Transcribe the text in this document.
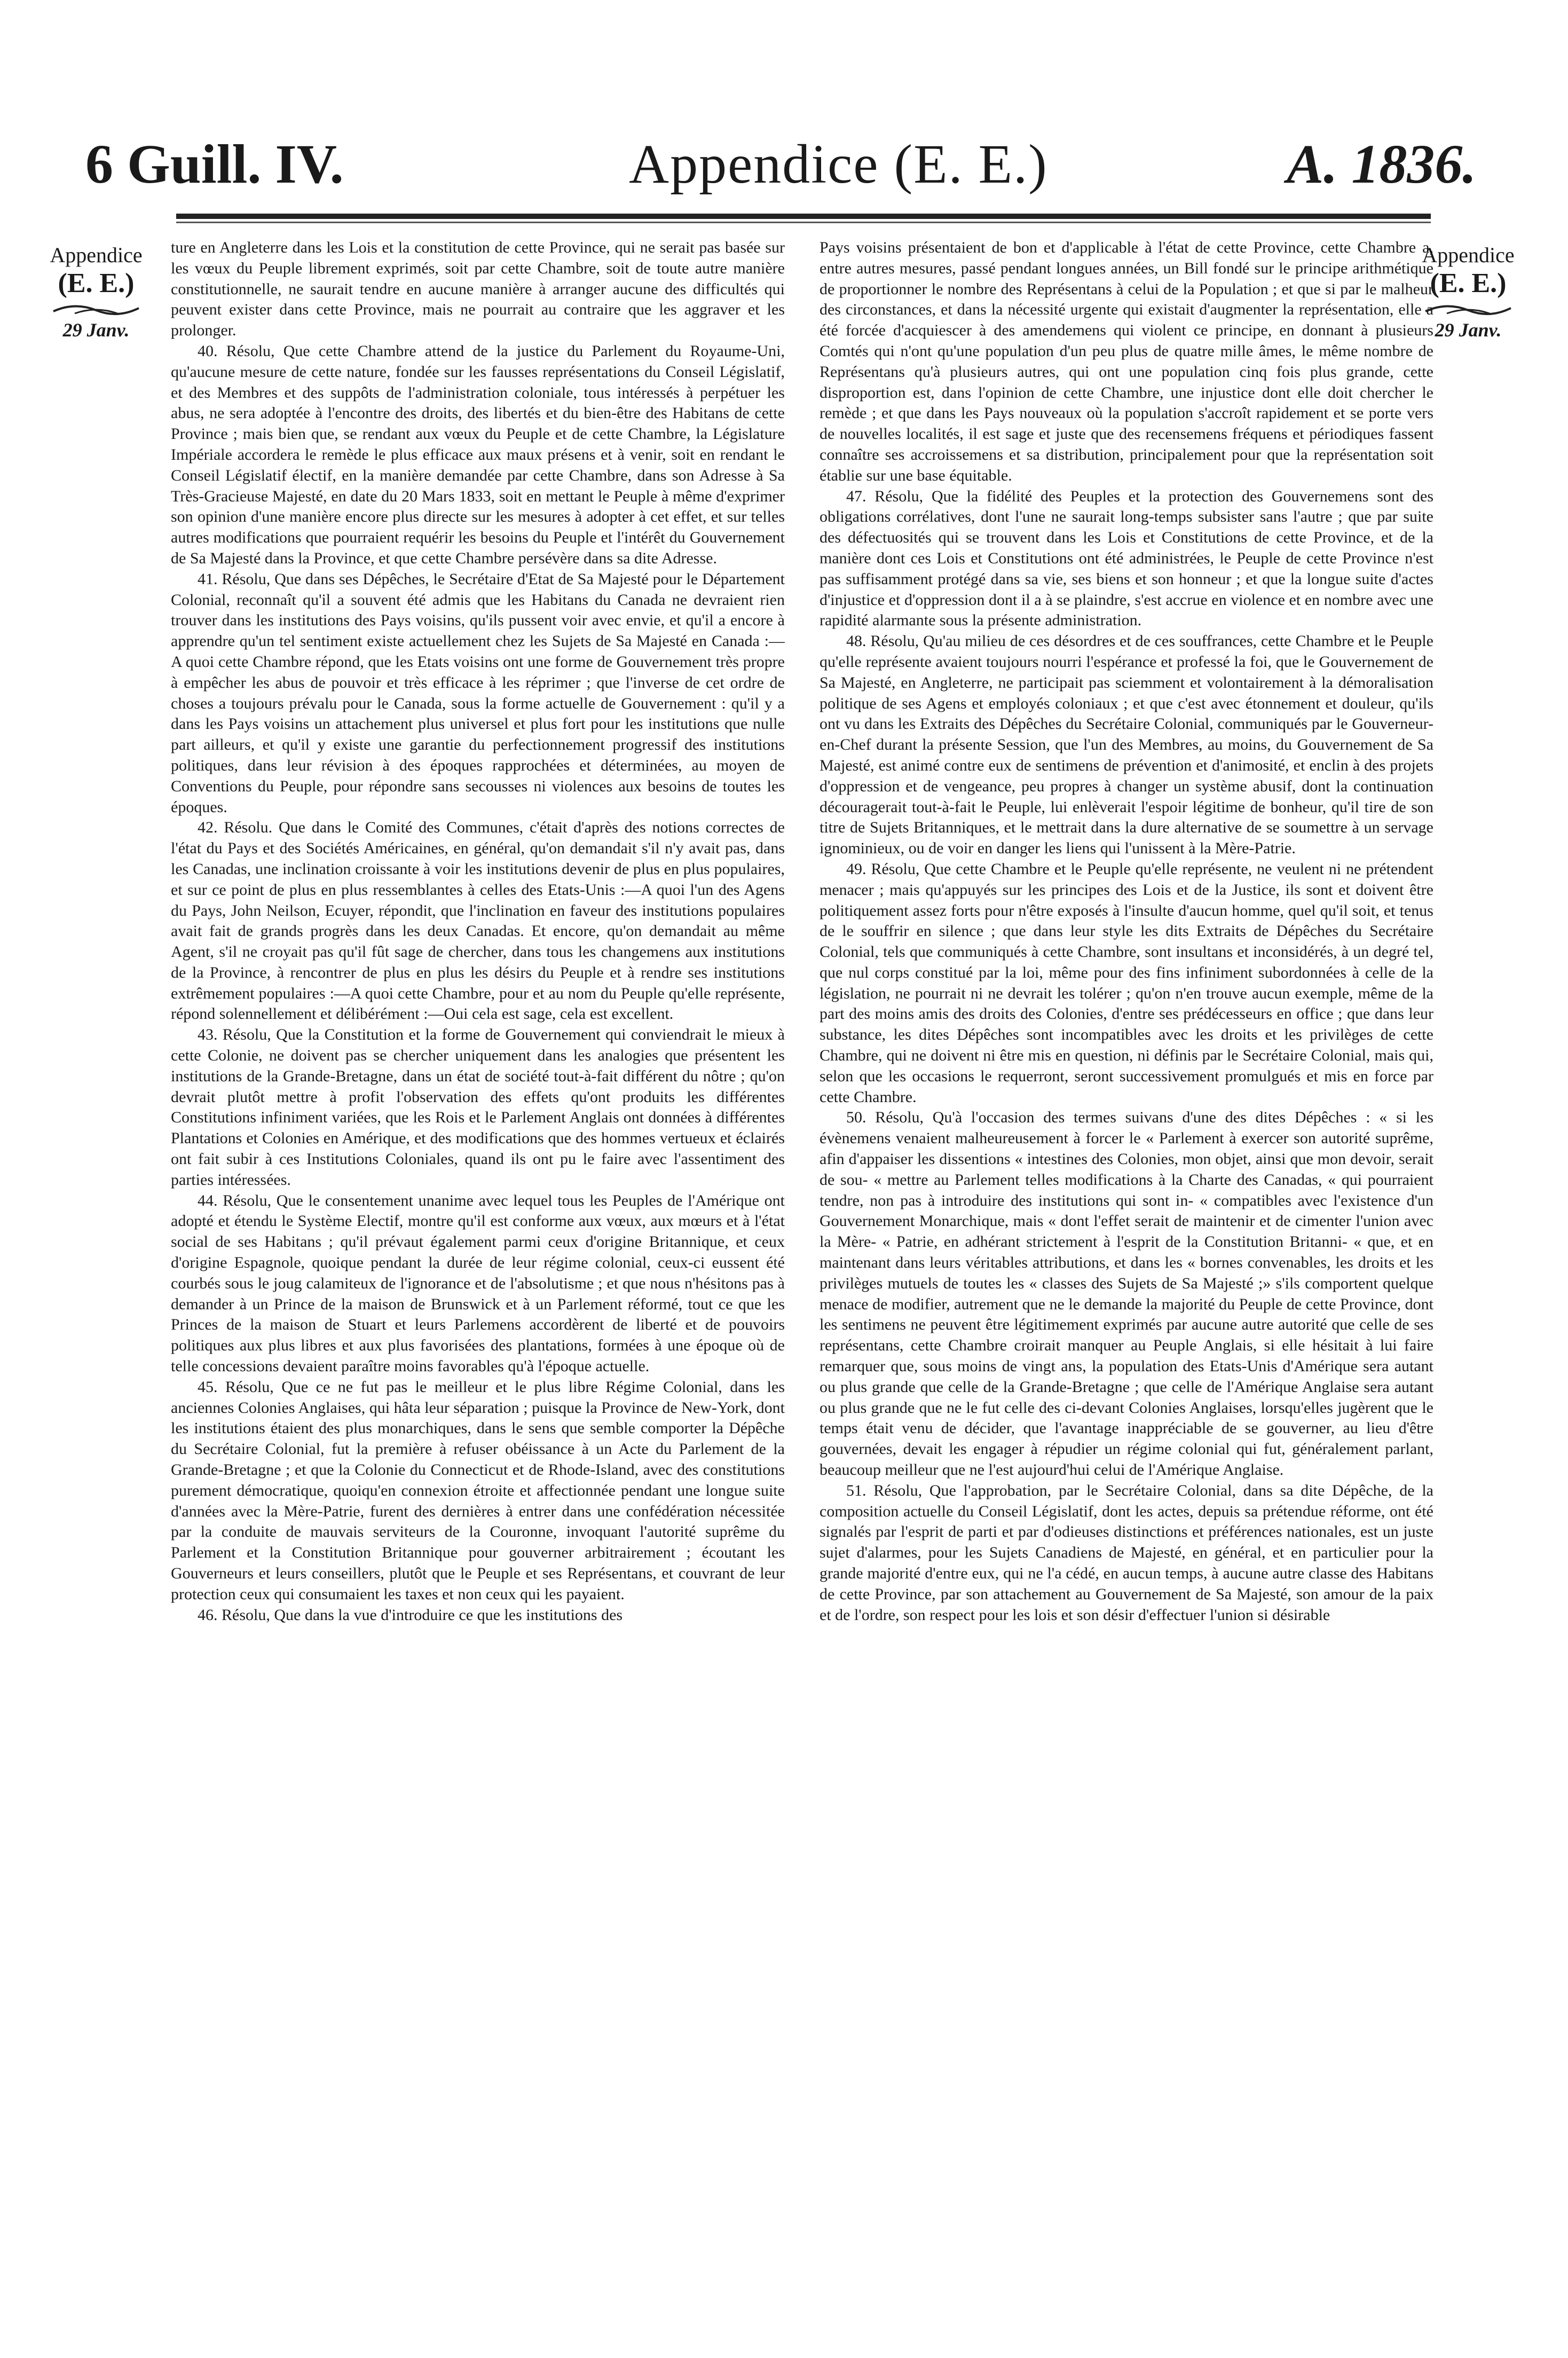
6 Guill. IV.	Appendice (E. E.)	A. 1836.
Appendice
(E. E.)
29 Janv.
Appendice
(E. E.)
29 Janv.

ture en Angleterre dans les Lois et la constitution de cette Province, qui ne serait pas basée sur les vœux du Peuple librement exprimés, soit par cette Chambre, soit de toute autre manière constitutionnelle, ne saurait tendre en aucune manière à arranger aucune des difficultés qui peuvent exister dans cette Province, mais ne pourrait au contraire que les aggraver et les prolonger.

40. Résolu, Que cette Chambre attend de la justice du Parlement du Royaume-Uni, qu'aucune mesure de cette nature, fondée sur les fausses représentations du Conseil Législatif, et des Membres et des suppôts de l'administration coloniale, tous intéressés à perpétuer les abus, ne sera adoptée à l'encontre des droits, des libertés et du bien-être des Habitans de cette Province ; mais bien que, se rendant aux vœux du Peuple et de cette Chambre, la Législature Impériale accordera le remède le plus efficace aux maux présens et à venir, soit en rendant le Conseil Législatif électif, en la manière demandée par cette Chambre, dans son Adresse à Sa Très-Gracieuse Majesté, en date du 20 Mars 1833, soit en mettant le Peuple à même d'exprimer son opinion d'une manière encore plus directe sur les mesures à adopter à cet effet, et sur telles autres modifications que pourraient requérir les besoins du Peuple et l'intérêt du Gouvernement de Sa Majesté dans la Province, et que cette Chambre persévère dans sa dite Adresse.

41. Résolu, Que dans ses Dépêches, le Secrétaire d'Etat de Sa Majesté pour le Département Colonial, reconnaît qu'il a souvent été admis que les Habitans du Canada ne devraient rien trouver dans les institutions des Pays voisins, qu'ils pussent voir avec envie, et qu'il a encore à apprendre qu'un tel sentiment existe actuellement chez les Sujets de Sa Majesté en Canada :—A quoi cette Chambre répond, que les Etats voisins ont une forme de Gouvernement très propre à empêcher les abus de pouvoir et très efficace à les réprimer ; que l'inverse de cet ordre de choses a toujours prévalu pour le Canada, sous la forme actuelle de Gouvernement : qu'il y a dans les Pays voisins un attachement plus universel et plus fort pour les institutions que nulle part ailleurs, et qu'il y existe une garantie du perfectionnement progressif des institutions politiques, dans leur révision à des époques rapprochées et déterminées, au moyen de Conventions du Peuple, pour répondre sans secousses ni violences aux besoins de toutes les époques.

42. Résolu. Que dans le Comité des Communes, c'était d'après des notions correctes de l'état du Pays et des Sociétés Américaines, en général, qu'on demandait s'il n'y avait pas, dans les Canadas, une inclination croissante à voir les institutions devenir de plus en plus populaires, et sur ce point de plus en plus ressemblantes à celles des Etats-Unis :—A quoi l'un des Agens du Pays, John Neilson, Ecuyer, répondit, que l'inclination en faveur des institutions populaires avait fait de grands progrès dans les deux Canadas. Et encore, qu'on demandait au même Agent, s'il ne croyait pas qu'il fût sage de chercher, dans tous les changemens aux institutions de la Province, à rencontrer de plus en plus les désirs du Peuple et à rendre ses institutions extrêmement populaires :—A quoi cette Chambre, pour et au nom du Peuple qu'elle représente, répond solennellement et délibérément :—Oui cela est sage, cela est excellent.

43. Résolu, Que la Constitution et la forme de Gouvernement qui conviendrait le mieux à cette Colonie, ne doivent pas se chercher uniquement dans les analogies que présentent les institutions de la Grande-Bretagne, dans un état de société tout-à-fait différent du nôtre ; qu'on devrait plutôt mettre à profit l'observation des effets qu'ont produits les différentes Constitutions infiniment variées, que les Rois et le Parlement Anglais ont données à différentes Plantations et Colonies en Amérique, et des modifications que des hommes vertueux et éclairés ont fait subir à ces Institutions Coloniales, quand ils ont pu le faire avec l'assentiment des parties intéressées.

44. Résolu, Que le consentement unanime avec lequel tous les Peuples de l'Amérique ont adopté et étendu le Système Electif, montre qu'il est conforme aux vœux, aux mœurs et à l'état social de ses Habitans ; qu'il prévaut également parmi ceux d'origine Britannique, et ceux d'origine Espagnole, quoique pendant la durée de leur régime colonial, ceux-ci eussent été courbés sous le joug calamiteux de l'ignorance et de l'absolutisme ; et que nous n'hésitons pas à demander à un Prince de la maison de Brunswick et à un Parlement réformé, tout ce que les Princes de la maison de Stuart et leurs Parlemens accordèrent de liberté et de pouvoirs politiques aux plus libres et aux plus favorisées des plantations, formées à une époque où de telle concessions devaient paraître moins favorables qu'à l'époque actuelle.

45. Résolu, Que ce ne fut pas le meilleur et le plus libre Régime Colonial, dans les anciennes Colonies Anglaises, qui hâta leur séparation ; puisque la Province de New-York, dont les institutions étaient des plus monarchiques, dans le sens que semble comporter la Dépêche du Secrétaire Colonial, fut la première à refuser obéissance à un Acte du Parlement de la Grande-Bretagne ; et que la Colonie du Connecticut et de Rhode-Island, avec des constitutions purement démocratique, quoiqu'en connexion étroite et affectionnée pendant une longue suite d'années avec la Mère-Patrie, furent des dernières à entrer dans une confédération nécessitée par la conduite de mauvais serviteurs de la Couronne, invoquant l'autorité suprême du Parlement et la Constitution Britannique pour gouverner arbitrairement ; écoutant les Gouverneurs et leurs conseillers, plutôt que le Peuple et ses Représentans, et couvrant de leur protection ceux qui consumaient les taxes et non ceux qui les payaient.

46. Résolu, Que dans la vue d'introduire ce que les institutions des

Pays voisins présentaient de bon et d'applicable à l'état de cette Province, cette Chambre a, entre autres mesures, passé pendant longues années, un Bill fondé sur le principe arithmétique de proportionner le nombre des Représentans à celui de la Population ; et que si par le malheur des circonstances, et dans la nécessité urgente qui existait d'augmenter la représentation, elle a été forcée d'acquiescer à des amendemens qui violent ce principe, en donnant à plusieurs Comtés qui n'ont qu'une population d'un peu plus de quatre mille âmes, le même nombre de Représentans qu'à plusieurs autres, qui ont une population cinq fois plus grande, cette disproportion est, dans l'opinion de cette Chambre, une injustice dont elle doit chercher le remède ; et que dans les Pays nouveaux où la population s'accroît rapidement et se porte vers de nouvelles localités, il est sage et juste que des recensemens fréquens et périodiques fassent connaître ses accroissemens et sa distribution, principalement pour que la représentation soit établie sur une base équitable.

47. Résolu, Que la fidélité des Peuples et la protection des Gouvernemens sont des obligations corrélatives, dont l'une ne saurait long-temps subsister sans l'autre ; que par suite des défectuosités qui se trouvent dans les Lois et Constitutions de cette Province, et de la manière dont ces Lois et Constitutions ont été administrées, le Peuple de cette Province n'est pas suffisamment protégé dans sa vie, ses biens et son honneur ; et que la longue suite d'actes d'injustice et d'oppression dont il a à se plaindre, s'est accrue en violence et en nombre avec une rapidité alarmante sous la présente administration.

48. Résolu, Qu'au milieu de ces désordres et de ces souffrances, cette Chambre et le Peuple qu'elle représente avaient toujours nourri l'espérance et professé la foi, que le Gouvernement de Sa Majesté, en Angleterre, ne participait pas sciemment et volontairement à la démoralisation politique de ses Agens et employés coloniaux ; et que c'est avec étonnement et douleur, qu'ils ont vu dans les Extraits des Dépêches du Secrétaire Colonial, communiqués par le Gouverneur-en-Chef durant la présente Session, que l'un des Membres, au moins, du Gouvernement de Sa Majesté, est animé contre eux de sentimens de prévention et d'animosité, et enclin à des projets d'oppression et de vengeance, peu propres à changer un système abusif, dont la continuation découragerait tout-à-fait le Peuple, lui enlèverait l'espoir légitime de bonheur, qu'il tire de son titre de Sujets Britanniques, et le mettrait dans la dure alternative de se soumettre à un servage ignominieux, ou de voir en danger les liens qui l'unissent à la Mère-Patrie.

49. Résolu, Que cette Chambre et le Peuple qu'elle représente, ne veulent ni ne prétendent menacer ; mais qu'appuyés sur les principes des Lois et de la Justice, ils sont et doivent être politiquement assez forts pour n'être exposés à l'insulte d'aucun homme, quel qu'il soit, et tenus de le souffrir en silence ; que dans leur style les dits Extraits de Dépêches du Secrétaire Colonial, tels que communiqués à cette Chambre, sont insultans et inconsidérés, à un degré tel, que nul corps constitué par la loi, même pour des fins infiniment subordonnées à celle de la législation, ne pourrait ni ne devrait les tolérer ; qu'on n'en trouve aucun exemple, même de la part des moins amis des droits des Colonies, d'entre ses prédécesseurs en office ; que dans leur substance, les dites Dépêches sont incompatibles avec les droits et les privilèges de cette Chambre, qui ne doivent ni être mis en question, ni définis par le Secrétaire Colonial, mais qui, selon que les occasions le requerront, seront successivement promulgués et mis en force par cette Chambre.

50. Résolu, Qu'à l'occasion des termes suivans d'une des dites Dépêches : « si les évènemens venaient malheureusement à forcer le « Parlement à exercer son autorité suprême, afin d'appaiser les dissentions « intestines des Colonies, mon objet, ainsi que mon devoir, serait de sou- « mettre au Parlement telles modifications à la Charte des Canadas, « qui pourraient tendre, non pas à introduire des institutions qui sont in- « compatibles avec l'existence d'un Gouvernement Monarchique, mais « dont l'effet serait de maintenir et de cimenter l'union avec la Mère- « Patrie, en adhérant strictement à l'esprit de la Constitution Britanni- « que, et en maintenant dans leurs véritables attributions, et dans les « bornes convenables, les droits et les privilèges mutuels de toutes les « classes des Sujets de Sa Majesté ;» s'ils comportent quelque menace de modifier, autrement que ne le demande la majorité du Peuple de cette Province, dont les sentimens ne peuvent être légitimement exprimés par aucune autre autorité que celle de ses représentans, cette Chambre croirait manquer au Peuple Anglais, si elle hésitait à lui faire remarquer que, sous moins de vingt ans, la population des Etats-Unis d'Amérique sera autant ou plus grande que celle de la Grande-Bretagne ; que celle de l'Amérique Anglaise sera autant ou plus grande que ne le fut celle des ci-devant Colonies Anglaises, lorsqu'elles jugèrent que le temps était venu de décider, que l'avantage inappréciable de se gouverner, au lieu d'être gouvernées, devait les engager à répudier un régime colonial qui fut, généralement parlant, beaucoup meilleur que ne l'est aujourd'hui celui de l'Amérique Anglaise.

51. Résolu, Que l'approbation, par le Secrétaire Colonial, dans sa dite Dépêche, de la composition actuelle du Conseil Législatif, dont les actes, depuis sa prétendue réforme, ont été signalés par l'esprit de parti et par d'odieuses distinctions et préférences nationales, est un juste sujet d'alarmes, pour les Sujets Canadiens de Majesté, en général, et en particulier pour la grande majorité d'entre eux, qui ne l'a cédé, en aucun temps, à aucune autre classe des Habitans de cette Province, par son attachement au Gouvernement de Sa Majesté, son amour de la paix et de l'ordre, son respect pour les lois et son désir d'effectuer l'union si désirable
